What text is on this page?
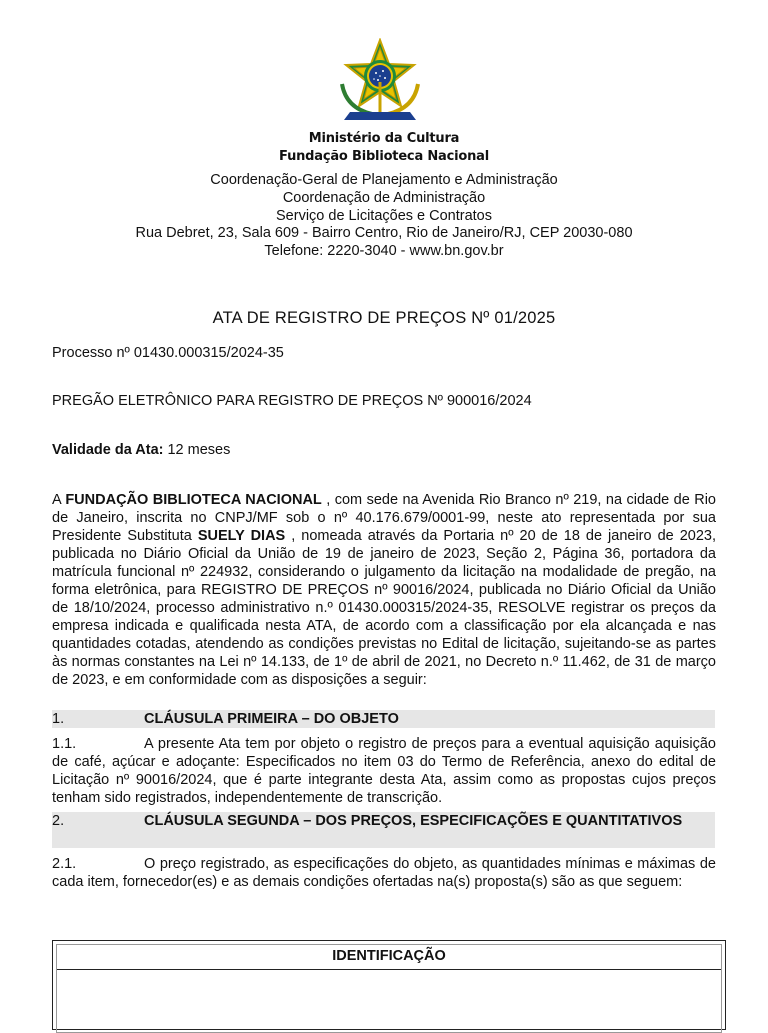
Ministério da Cultura
Fundação Biblioteca Nacional
Coordenação-Geral de Planejamento e Administração
Coordenação de Administração
Serviço de Licitações e Contratos
Rua Debret, 23, Sala 609 - Bairro Centro, Rio de Janeiro/RJ, CEP 20030-080
Telefone: 2220-3040 - www.bn.gov.br
ATA DE REGISTRO DE PREÇOS Nº 01/2025
Processo nº 01430.000315/2024-35
PREGÃO ELETRÔNICO PARA REGISTRO DE PREÇOS Nº 900016/2024
Validade da Ata: 12 meses
A FUNDAÇÃO BIBLIOTECA NACIONAL , com sede na Avenida Rio Branco nº 219, na cidade de Rio de Janeiro, inscrita no CNPJ/MF sob o nº 40.176.679/0001-99, neste ato representada por sua Presidente Substituta SUELY DIAS , nomeada através da Portaria nº 20 de 18 de janeiro de 2023, publicada no Diário Oficial da União de 19 de janeiro de 2023, Seção 2, Página 36, portadora da matrícula funcional nº 224932, considerando o julgamento da licitação na modalidade de pregão, na forma eletrônica, para REGISTRO DE PREÇOS nº 90016/2024, publicada no Diário Oficial da União de 18/10/2024, processo administrativo n.º 01430.000315/2024-35, RESOLVE registrar os preços da empresa indicada e qualificada nesta ATA, de acordo com a classificação por ela alcançada e nas quantidades cotadas, atendendo as condições previstas no Edital de licitação, sujeitando-se as partes às normas constantes na Lei nº 14.133, de 1º de abril de 2021, no Decreto n.º 11.462, de 31 de março de 2023, e em conformidade com as disposições a seguir:
1.	CLÁUSULA PRIMEIRA – DO OBJETO
1.1.	A presente Ata tem por objeto o registro de preços para a eventual aquisição aquisição de café, açúcar e adoçante: Especificados no item 03 do Termo de Referência, anexo do edital de Licitação nº 90016/2024, que é parte integrante desta Ata, assim como as propostas cujos preços tenham sido registrados, independentemente de transcrição.
2.	CLÁUSULA SEGUNDA – DOS PREÇOS, ESPECIFICAÇÕES E QUANTITATIVOS
2.1.	O preço registrado, as especificações do objeto, as quantidades mínimas e máximas de cada item, fornecedor(es) e as demais condições ofertadas na(s) proposta(s) são as que seguem:
IDENTIFICAÇÃO
